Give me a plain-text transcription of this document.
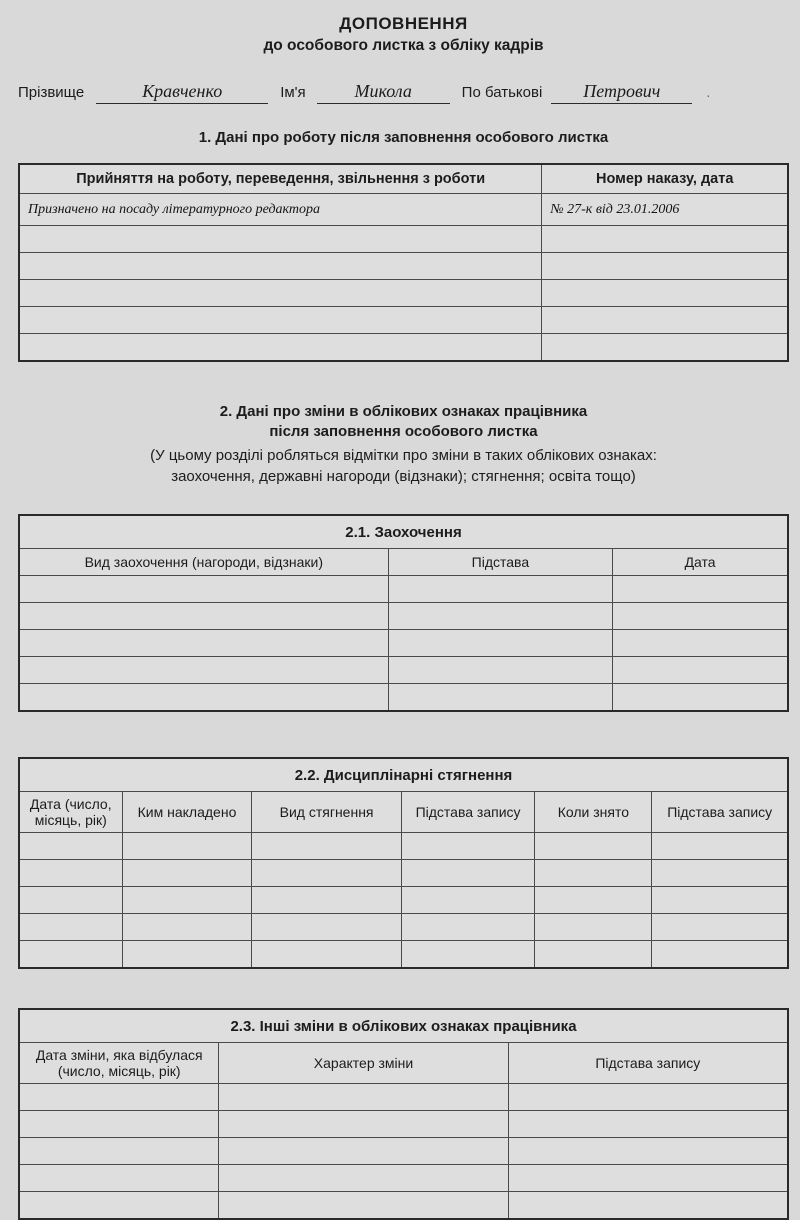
ДОПОВНЕННЯ
до особового листка з обліку кадрів
Прізвище	Кравченко	Ім'я	Микола	По батькові	Петрович	.
1. Дані про роботу після заповнення особового листка
Прийняття на роботу, переведення, звільнення з роботи	Номер наказу, дата
Призначено на посаду літературного редактора	№ 27-к від 23.01.2006

2. Дані про зміни в облікових ознаках працівника
після заповнення особового листка
(У цьому розділі робляться відмітки про зміни в таких облікових ознаках:
заохочення, державні нагороди (відзнаки); стягнення; освіта тощо)
2.1. Заохочення		
Вид заохочення (нагороди, відзнаки)	Підстава	Дата

2.2. Дисциплінарні стягнення					
Дата (число, місяць, рік)	Ким накладено	Вид стягнення	Підстава запису	Коли знято	Підстава запису

2.3. Інші зміни в облікових ознаках працівника		
Дата зміни, яка відбулася (число, місяць, рік)	Характер зміни	Підстава запису
